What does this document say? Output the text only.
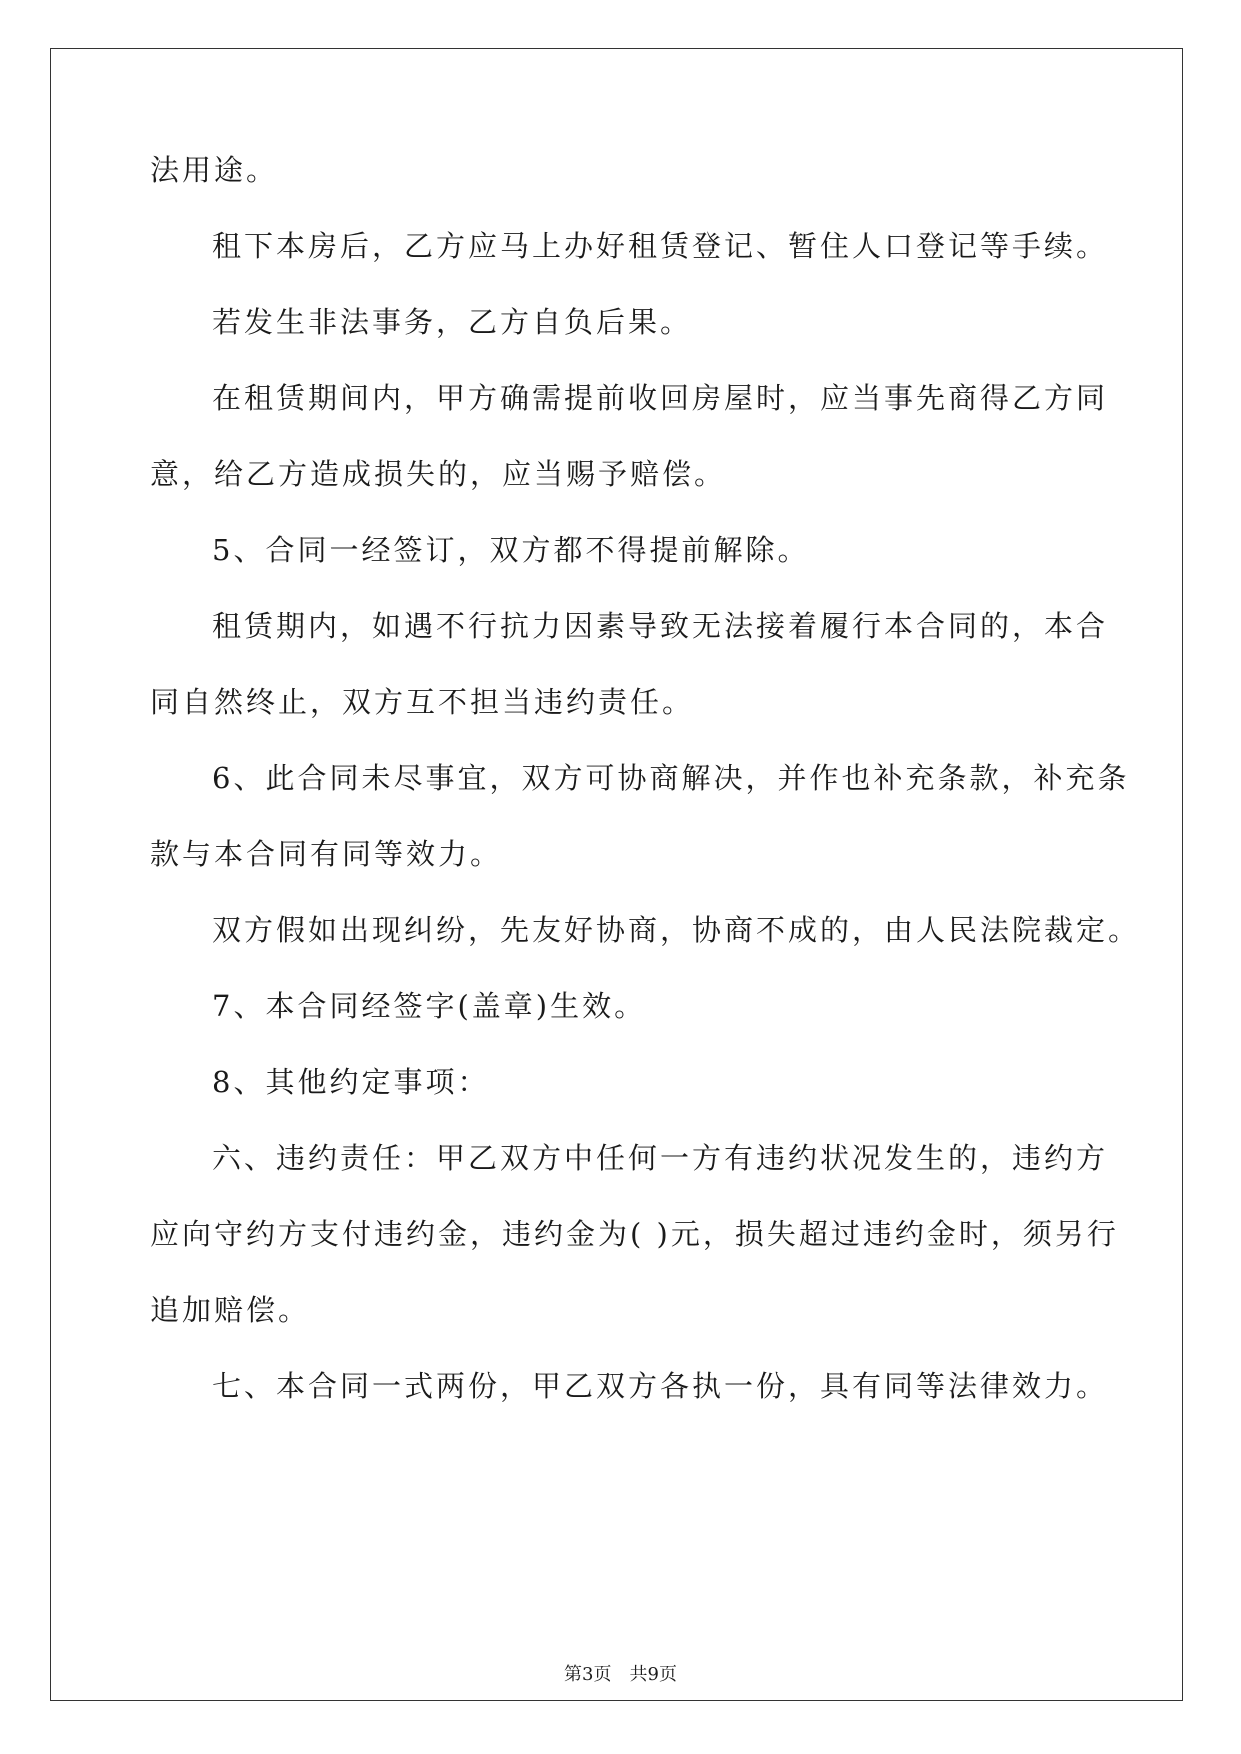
法用途。

租下本房后，乙方应马上办好租赁登记、暂住人口登记等手续。

若发生非法事务，乙方自负后果。

在租赁期间内，甲方确需提前收回房屋时，应当事先商得乙方同

意，给乙方造成损失的，应当赐予赔偿。

5、合同一经签订，双方都不得提前解除。

租赁期内，如遇不行抗力因素导致无法接着履行本合同的，本合

同自然终止，双方互不担当违约责任。

6、此合同未尽事宜，双方可协商解决，并作也补充条款，补充条

款与本合同有同等效力。

双方假如出现纠纷，先友好协商，协商不成的，由人民法院裁定。

7、本合同经签字(盖章)生效。

8、其他约定事项：

六、违约责任：甲乙双方中任何一方有违约状况发生的，违约方

应向守约方支付违约金，违约金为( )元，损失超过违约金时，须另行

追加赔偿。

七、本合同一式两份，甲乙双方各执一份，具有同等法律效力。

第3页 共9页
